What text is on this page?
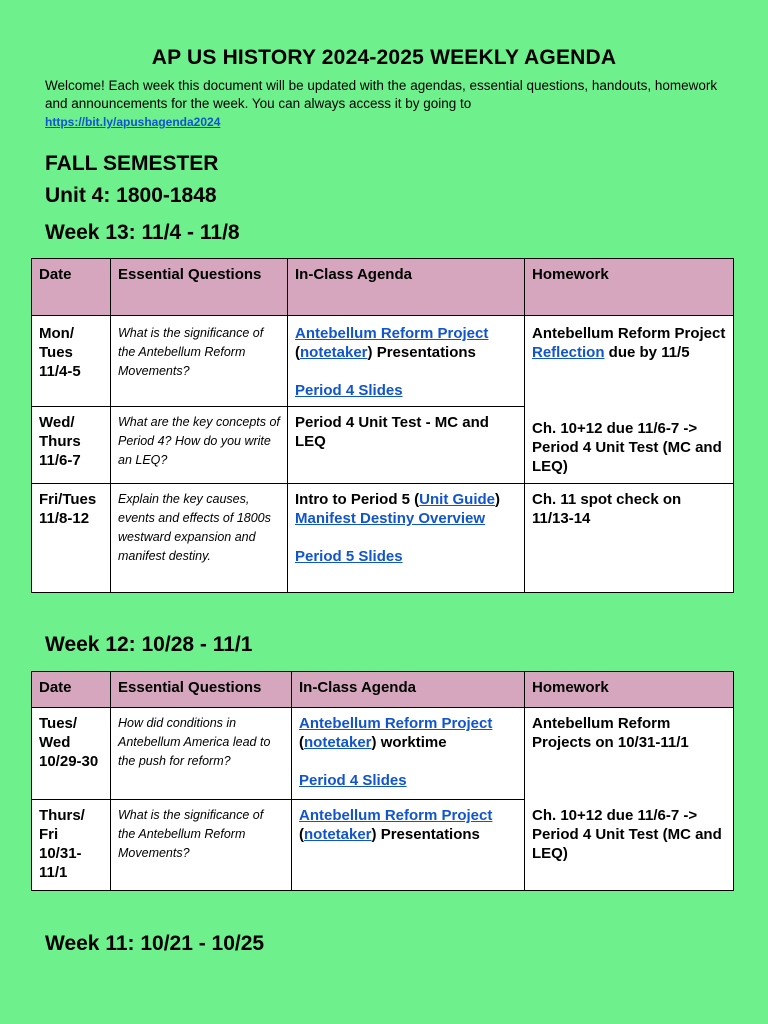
AP US HISTORY 2024-2025 WEEKLY AGENDA
Welcome! Each week this document will be updated with the agendas, essential questions, handouts, homework and announcements for the week. You can always access it by going to
https://bit.ly/apushagenda2024
FALL SEMESTER
Unit 4: 1800-1848
Week 13: 11/4 - 11/8
Date	Essential Questions	In-Class Agenda	Homework
Mon/ Tues 11/4-5	What is the significance of the Antebellum Reform Movements?	Antebellum Reform Project
(notetaker) Presentations
Period 4 Slides	Antebellum Reform Project Reflection due by 11/5
Wed/ Thurs 11/6-7	What are the key concepts of Period 4? How do you write an LEQ?	Period 4 Unit Test - MC and LEQ	Ch. 10+12 due 11/6-7 -> Period 4 Unit Test (MC and LEQ)
Fri/Tues 11/8-12	Explain the key causes, events and effects of 1800s westward expansion and manifest destiny.	Intro to Period 5 (Unit Guide)
Manifest Destiny Overview
Period 5 Slides	Ch. 11 spot check on 11/13-14
Week 12: 10/28 - 11/1
Date	Essential Questions	In-Class Agenda	Homework
Tues/ Wed 10/29-30	How did conditions in Antebellum America lead to the push for reform?	Antebellum Reform Project
(notetaker) worktime
Period 4 Slides	Antebellum Reform Projects on 10/31-11/1
Thurs/ Fri 10/31- 11/1	What is the significance of the Antebellum Reform Movements?	Antebellum Reform Project
(notetaker) Presentations	Ch. 10+12 due 11/6-7 -> Period 4 Unit Test (MC and LEQ)
Week 11: 10/21 - 10/25
